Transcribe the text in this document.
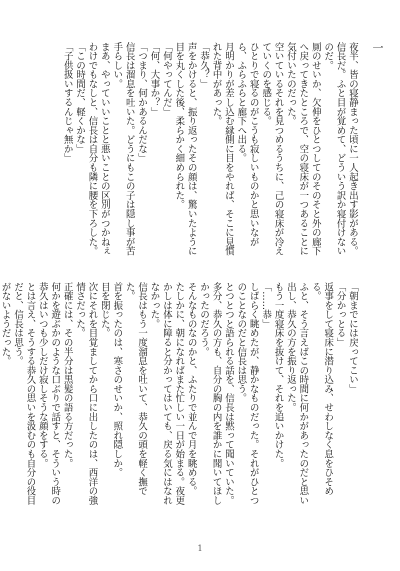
一
夜半、皆の寝静まった頃に一人起き出す影がある。
信長だ。ふと目が覚めて、どういう訳か寝付けないのだ。
厠のせいか、欠伸をひとつしてのそのそと外の廊下へ戻ってきたところで、空の寝床が一つあることに気付いたのだった。
空いているそれを見つめるうちに、己の寝床が冷えていくのを感じる。
ひとりで寝るのがこうも寂しいものかと思いながら、ふらふらと廊下へ出る。
月明かりが差し込む縁側に目をやれば、そこに見慣れた背中があった。
「恭久？」
声をかけると、振り返ったその顔は、驚いたように目を丸くした後、柔らかく細められた。
「何やってんだ」
「何、大事か？」
「つまり、何かあるんだな」
信長は溜息を吐いた。どうにもこの子は隠し事が苦手らしい。
まあ、やっていいことと悪いことの区別がつかねぇわけでもなしと、信長は自分も隣に腰を下ろした。
「この時間だ、軽くかな」
「子供扱いするんじゃ無か」
「朝までには戻ってこい」
「分かっとる」
返事をして寝床に潜り込み、せわしなく息をひそめる。
ふと、そう言えばこの時間に何かがあったのだと思い出し、恭久の方を振り返った。
もう一度寝床を抜けて、それを追いかけた。
「……恭」
しばらく眺めたが、静かなものだった。それがひとつのことなのだと信長は思う。
とつとつと語られる話を、信長は黙って聞いていた。多分、恭久の方も、自分の胸の内を誰かに聞いてほしかったのだろう。
そんなものなのかと、ふたりで並んで月を眺める。
たしかに、朝になればまた忙しい一日が始まる。夜更かしは体に障ると分かってはいても、戻る気にはなれなかった。
信長はもう一度溜息を吐いて、恭久の頭を軽く撫でた。
首を振ったのは、寒さのせいか、照れ隠しか。
目を閉じた。
次にそれを目覚ましてから口に出したのは、西洋の強情さだった。
正確には、その半分は黒髪の語る方だった。
何かを遊ぶかのような口ぶりで話すと、そういう時の恭久はいつも少しだけ寂しそうな顔をする。
とは言え、そうする恭久の思いを汲むのも自分の役目だと、信長は思う。
がないようだった。
1
